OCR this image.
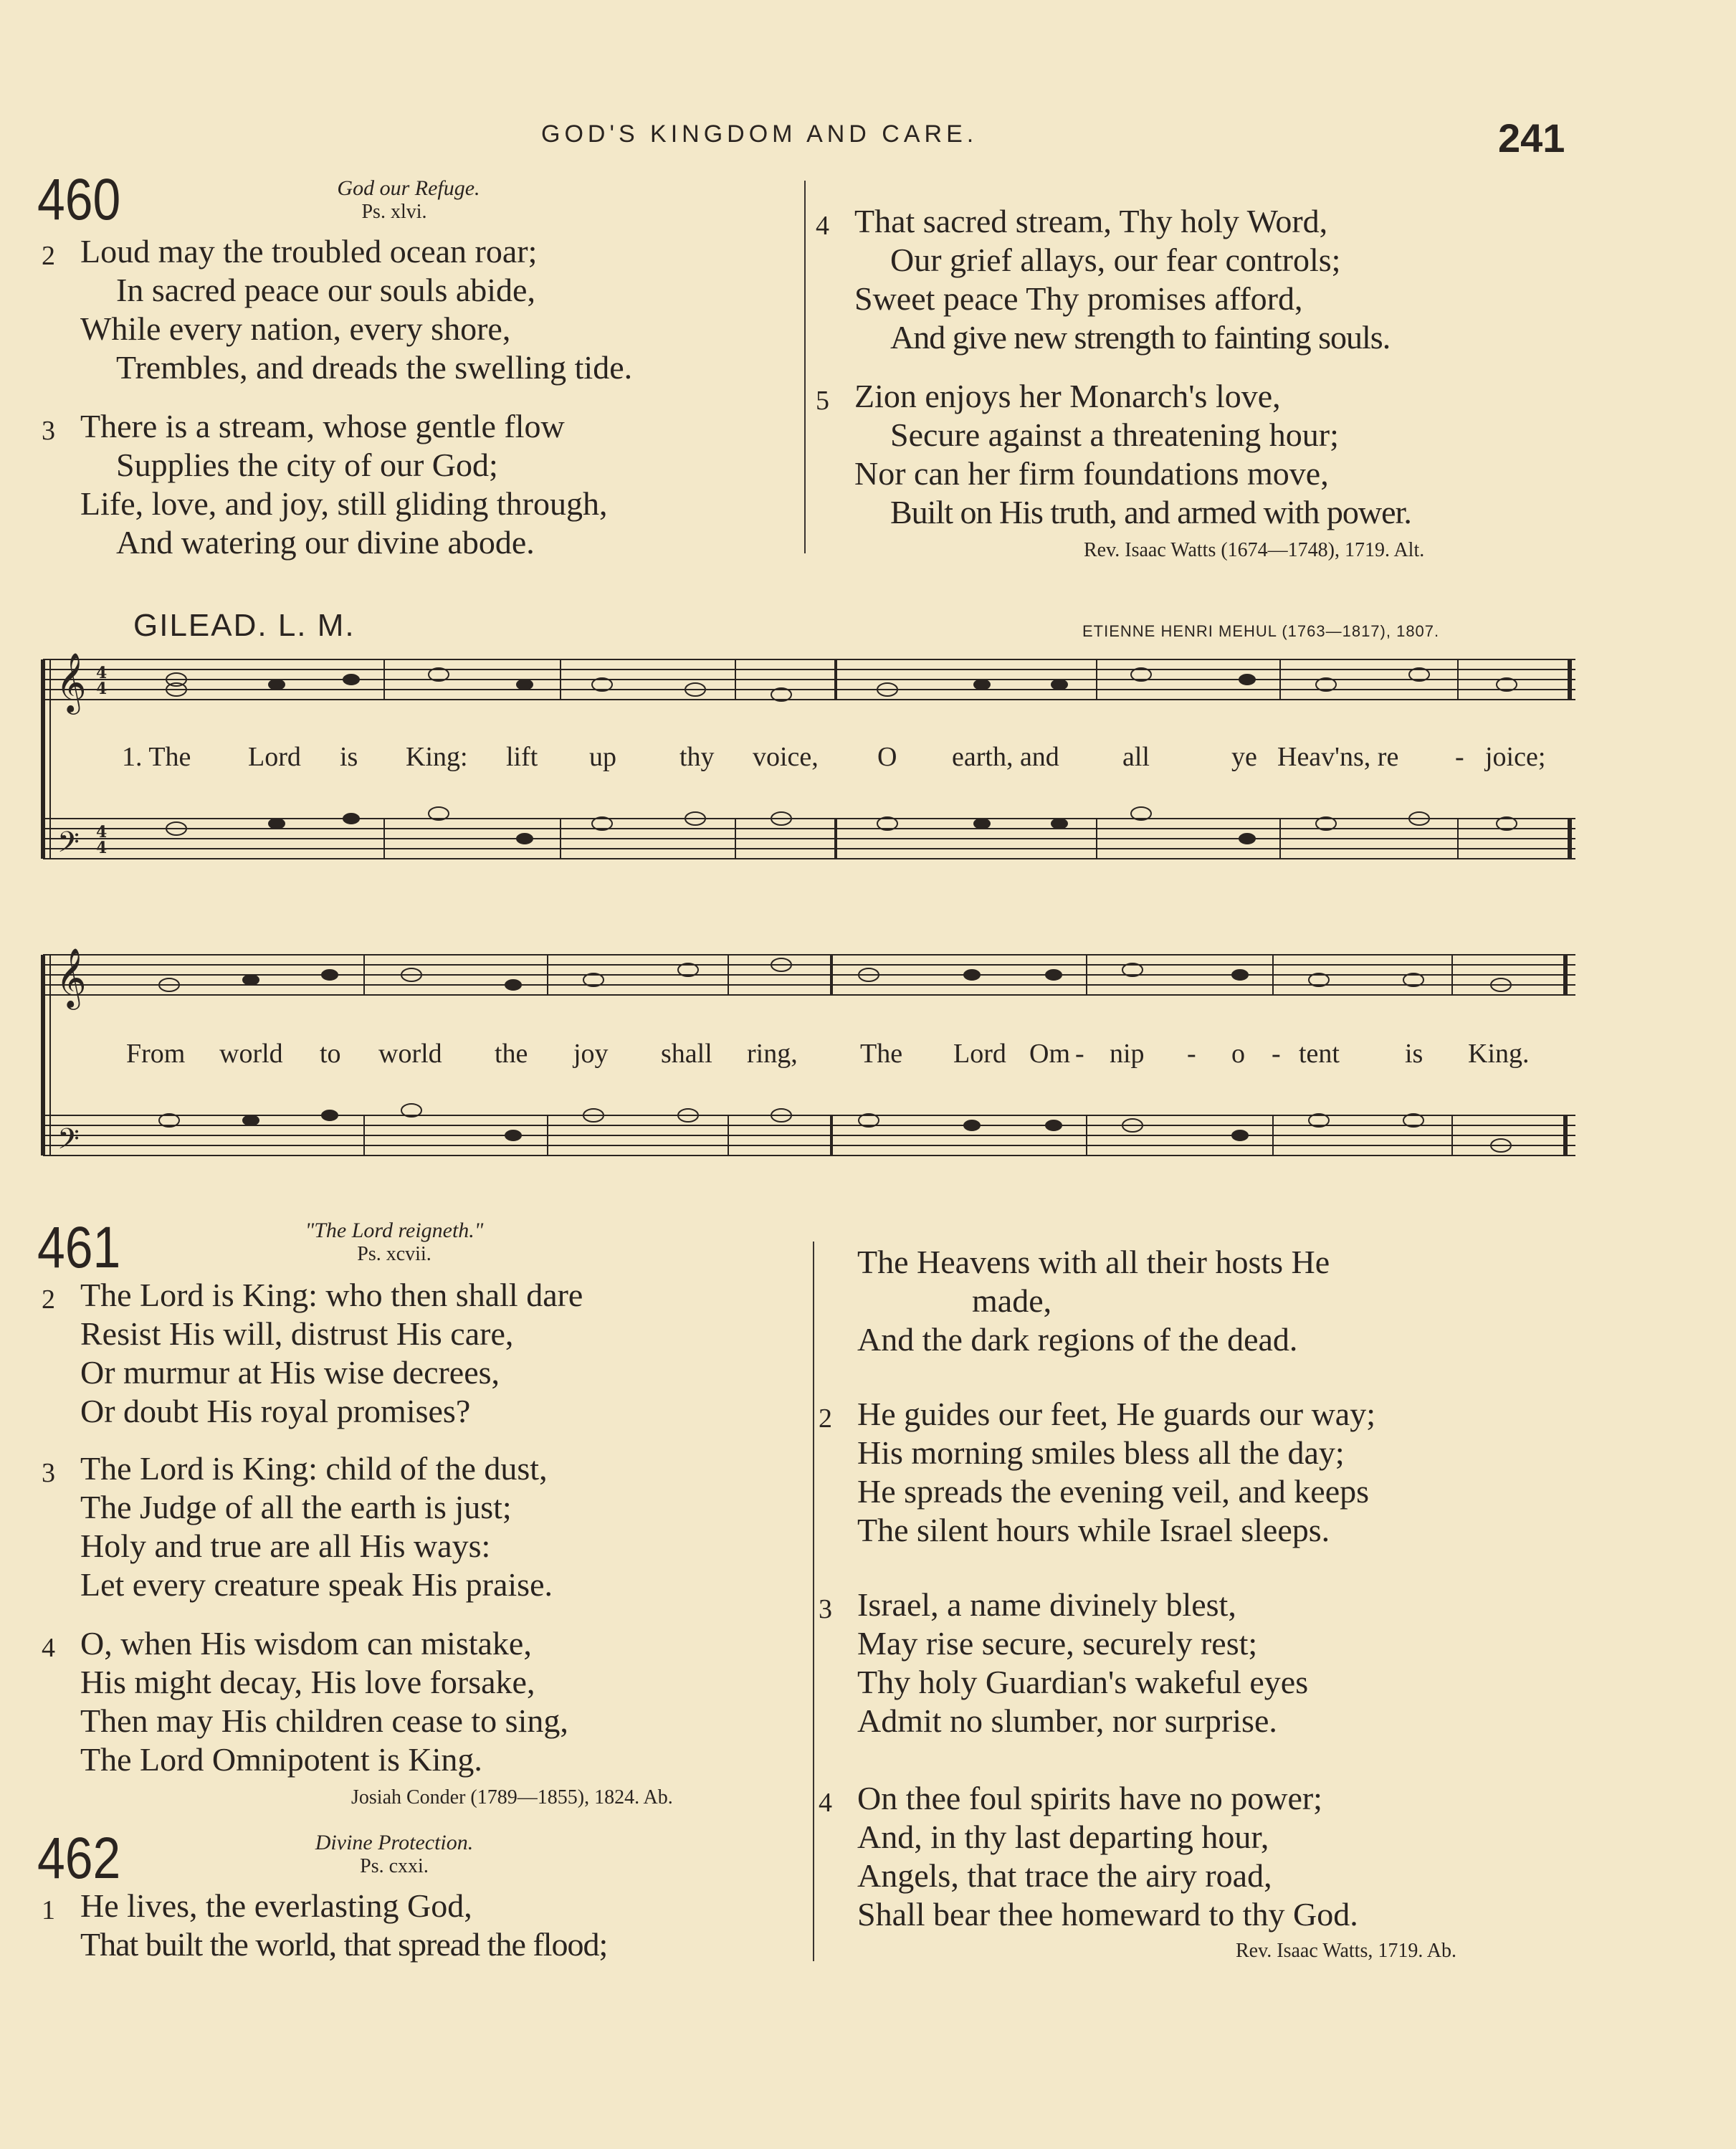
GOD'S KINGDOM AND CARE.	241
460	God our Refuge.
Ps. xlvi.
2 Loud may the troubled ocean roar;
In sacred peace our souls abide,
While every nation, every shore,
Trembles, and dreads the swelling tide.
3 There is a stream, whose gentle flow
Supplies the city of our God;
Life, love, and joy, still gliding through,
And watering our divine abode.
4 That sacred stream, Thy holy Word,
Our grief allays, our fear controls;
Sweet peace Thy promises afford,
And give new strength to fainting souls.
5 Zion enjoys her Monarch's love,
Secure against a threatening hour;
Nor can her firm foundations move,
Built on His truth, and armed with power.
Rev. Isaac Watts (1674—1748), 1719. Alt.
GILEAD. L. M.	ETIENNE HENRI MEHUL (1763—1817), 1807.
𝄞
𝄢
4
4
4
4
1. The Lord is King: lift up thy voice, O earth, and all	ye Heav'ns, re - joice;
𝄞
𝄢
From world to world the joy shall ring, The Lord Om - nip - o - tent is King.
461	"The Lord reigneth."
Ps. xcvii.
2 The Lord is King: who then shall dare
Resist His will, distrust His care,
Or murmur at His wise decrees,
Or doubt His royal promises?
3 The Lord is King: child of the dust,
The Judge of all the earth is just;
Holy and true are all His ways:
Let every creature speak His praise.
4 O, when His wisdom can mistake,
His might decay, His love forsake,
Then may His children cease to sing,
The Lord Omnipotent is King.
Josiah Conder (1789—1855), 1824. Ab.
462	Divine Protection.
Ps. cxxi.
1 He lives, the everlasting God,
That built the world, that spread the flood;
The Heavens with all their hosts He
made,
And the dark regions of the dead.
2 He guides our feet, He guards our way;
His morning smiles bless all the day;
He spreads the evening veil, and keeps
The silent hours while Israel sleeps.
3 Israel, a name divinely blest,
May rise secure, securely rest;
Thy holy Guardian's wakeful eyes
Admit no slumber, nor surprise.
4 On thee foul spirits have no power;
And, in thy last departing hour,
Angels, that trace the airy road,
Shall bear thee homeward to thy God.
Rev. Isaac Watts, 1719. Ab.
